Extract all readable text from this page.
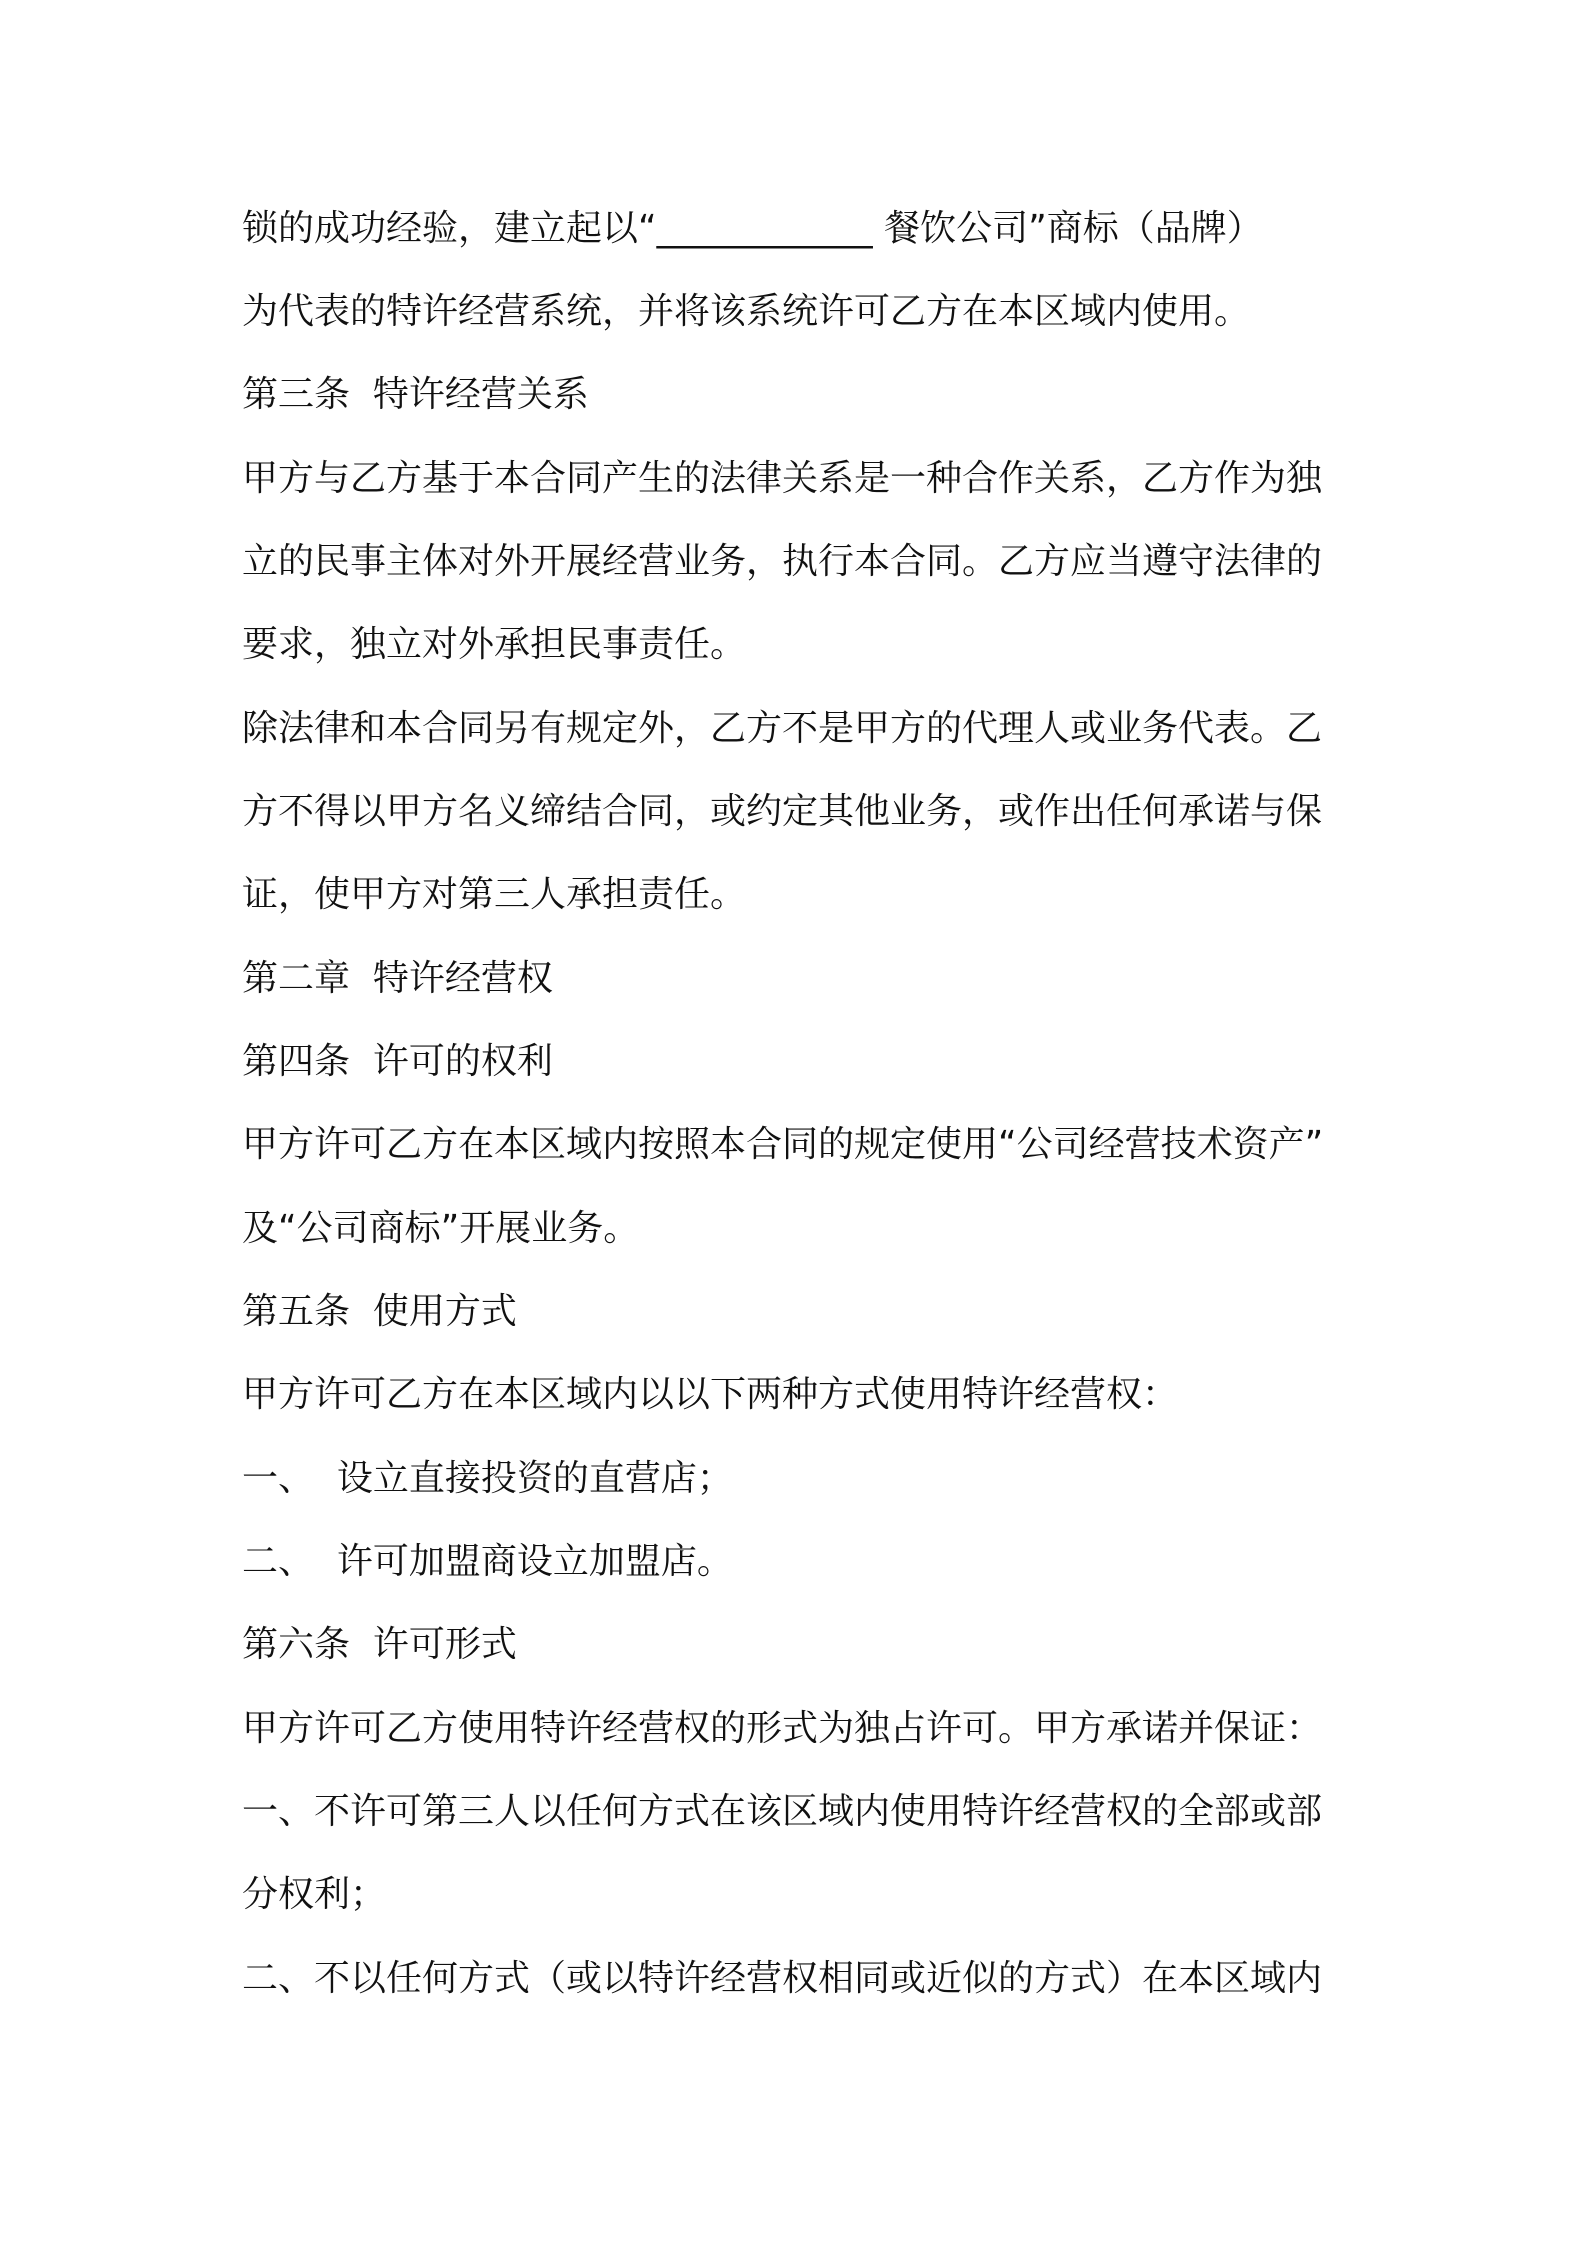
锁的成功经验，建立起以“____________ 餐饮公司”商标（品牌）
为代表的特许经营系统，并将该系统许可乙方在本区域内使用。
第三条  特许经营关系
甲方与乙方基于本合同产生的法律关系是一种合作关系，乙方作为独
立的民事主体对外开展经营业务，执行本合同。乙方应当遵守法律的
要求，独立对外承担民事责任。
除法律和本合同另有规定外，乙方不是甲方的代理人或业务代表。乙
方不得以甲方名义缔结合同，或约定其他业务，或作出任何承诺与保
证，使甲方对第三人承担责任。
第二章  特许经营权
第四条  许可的权利
甲方许可乙方在本区域内按照本合同的规定使用“公司经营技术资产”
及“公司商标”开展业务。
第五条  使用方式
甲方许可乙方在本区域内以以下两种方式使用特许经营权：
一、  设立直接投资的直营店；
二、  许可加盟商设立加盟店。
第六条  许可形式
甲方许可乙方使用特许经营权的形式为独占许可。甲方承诺并保证：
一、不许可第三人以任何方式在该区域内使用特许经营权的全部或部
分权利；
二、不以任何方式（或以特许经营权相同或近似的方式）在本区域内
